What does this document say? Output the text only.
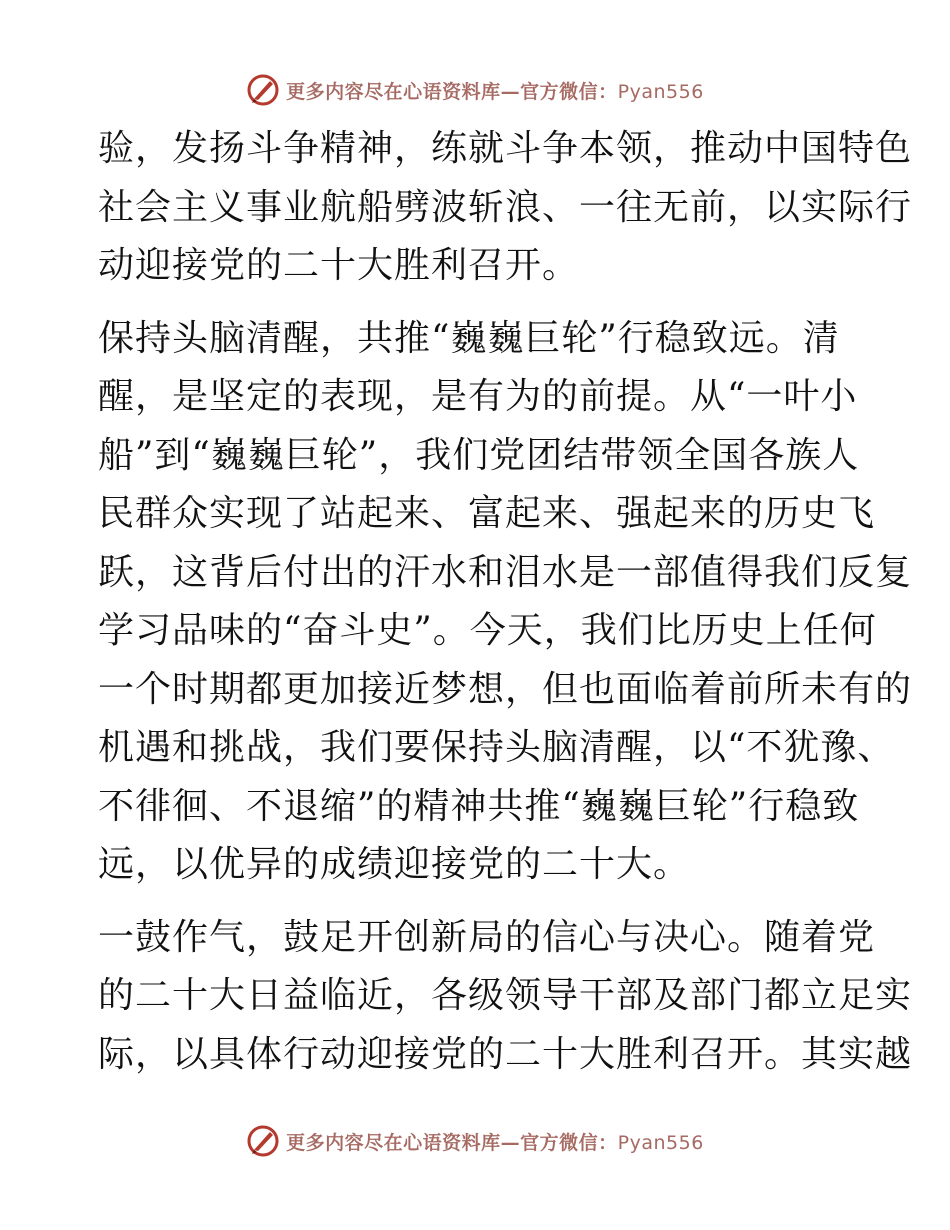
更多内容尽在心语资料库—官方微信：Pyan556

验，发扬斗争精神，练就斗争本领，推动中国特色
社会主义事业航船劈波斩浪、一往无前，以实际行
动迎接党的二十大胜利召开。

保持头脑清醒，共推“巍巍巨轮”行稳致远。清
醒，是坚定的表现，是有为的前提。从“一叶小
船”到“巍巍巨轮”，我们党团结带领全国各族人
民群众实现了站起来、富起来、强起来的历史飞
跃，这背后付出的汗水和泪水是一部值得我们反复
学习品味的“奋斗史”。今天，我们比历史上任何
一个时期都更加接近梦想，但也面临着前所未有的
机遇和挑战，我们要保持头脑清醒，以“不犹豫、
不徘徊、不退缩”的精神共推“巍巍巨轮”行稳致
远，以优异的成绩迎接党的二十大。

一鼓作气，鼓足开创新局的信心与决心。随着党
的二十大日益临近，各级领导干部及部门都立足实
际，以具体行动迎接党的二十大胜利召开。其实越

更多内容尽在心语资料库—官方微信：Pyan556
